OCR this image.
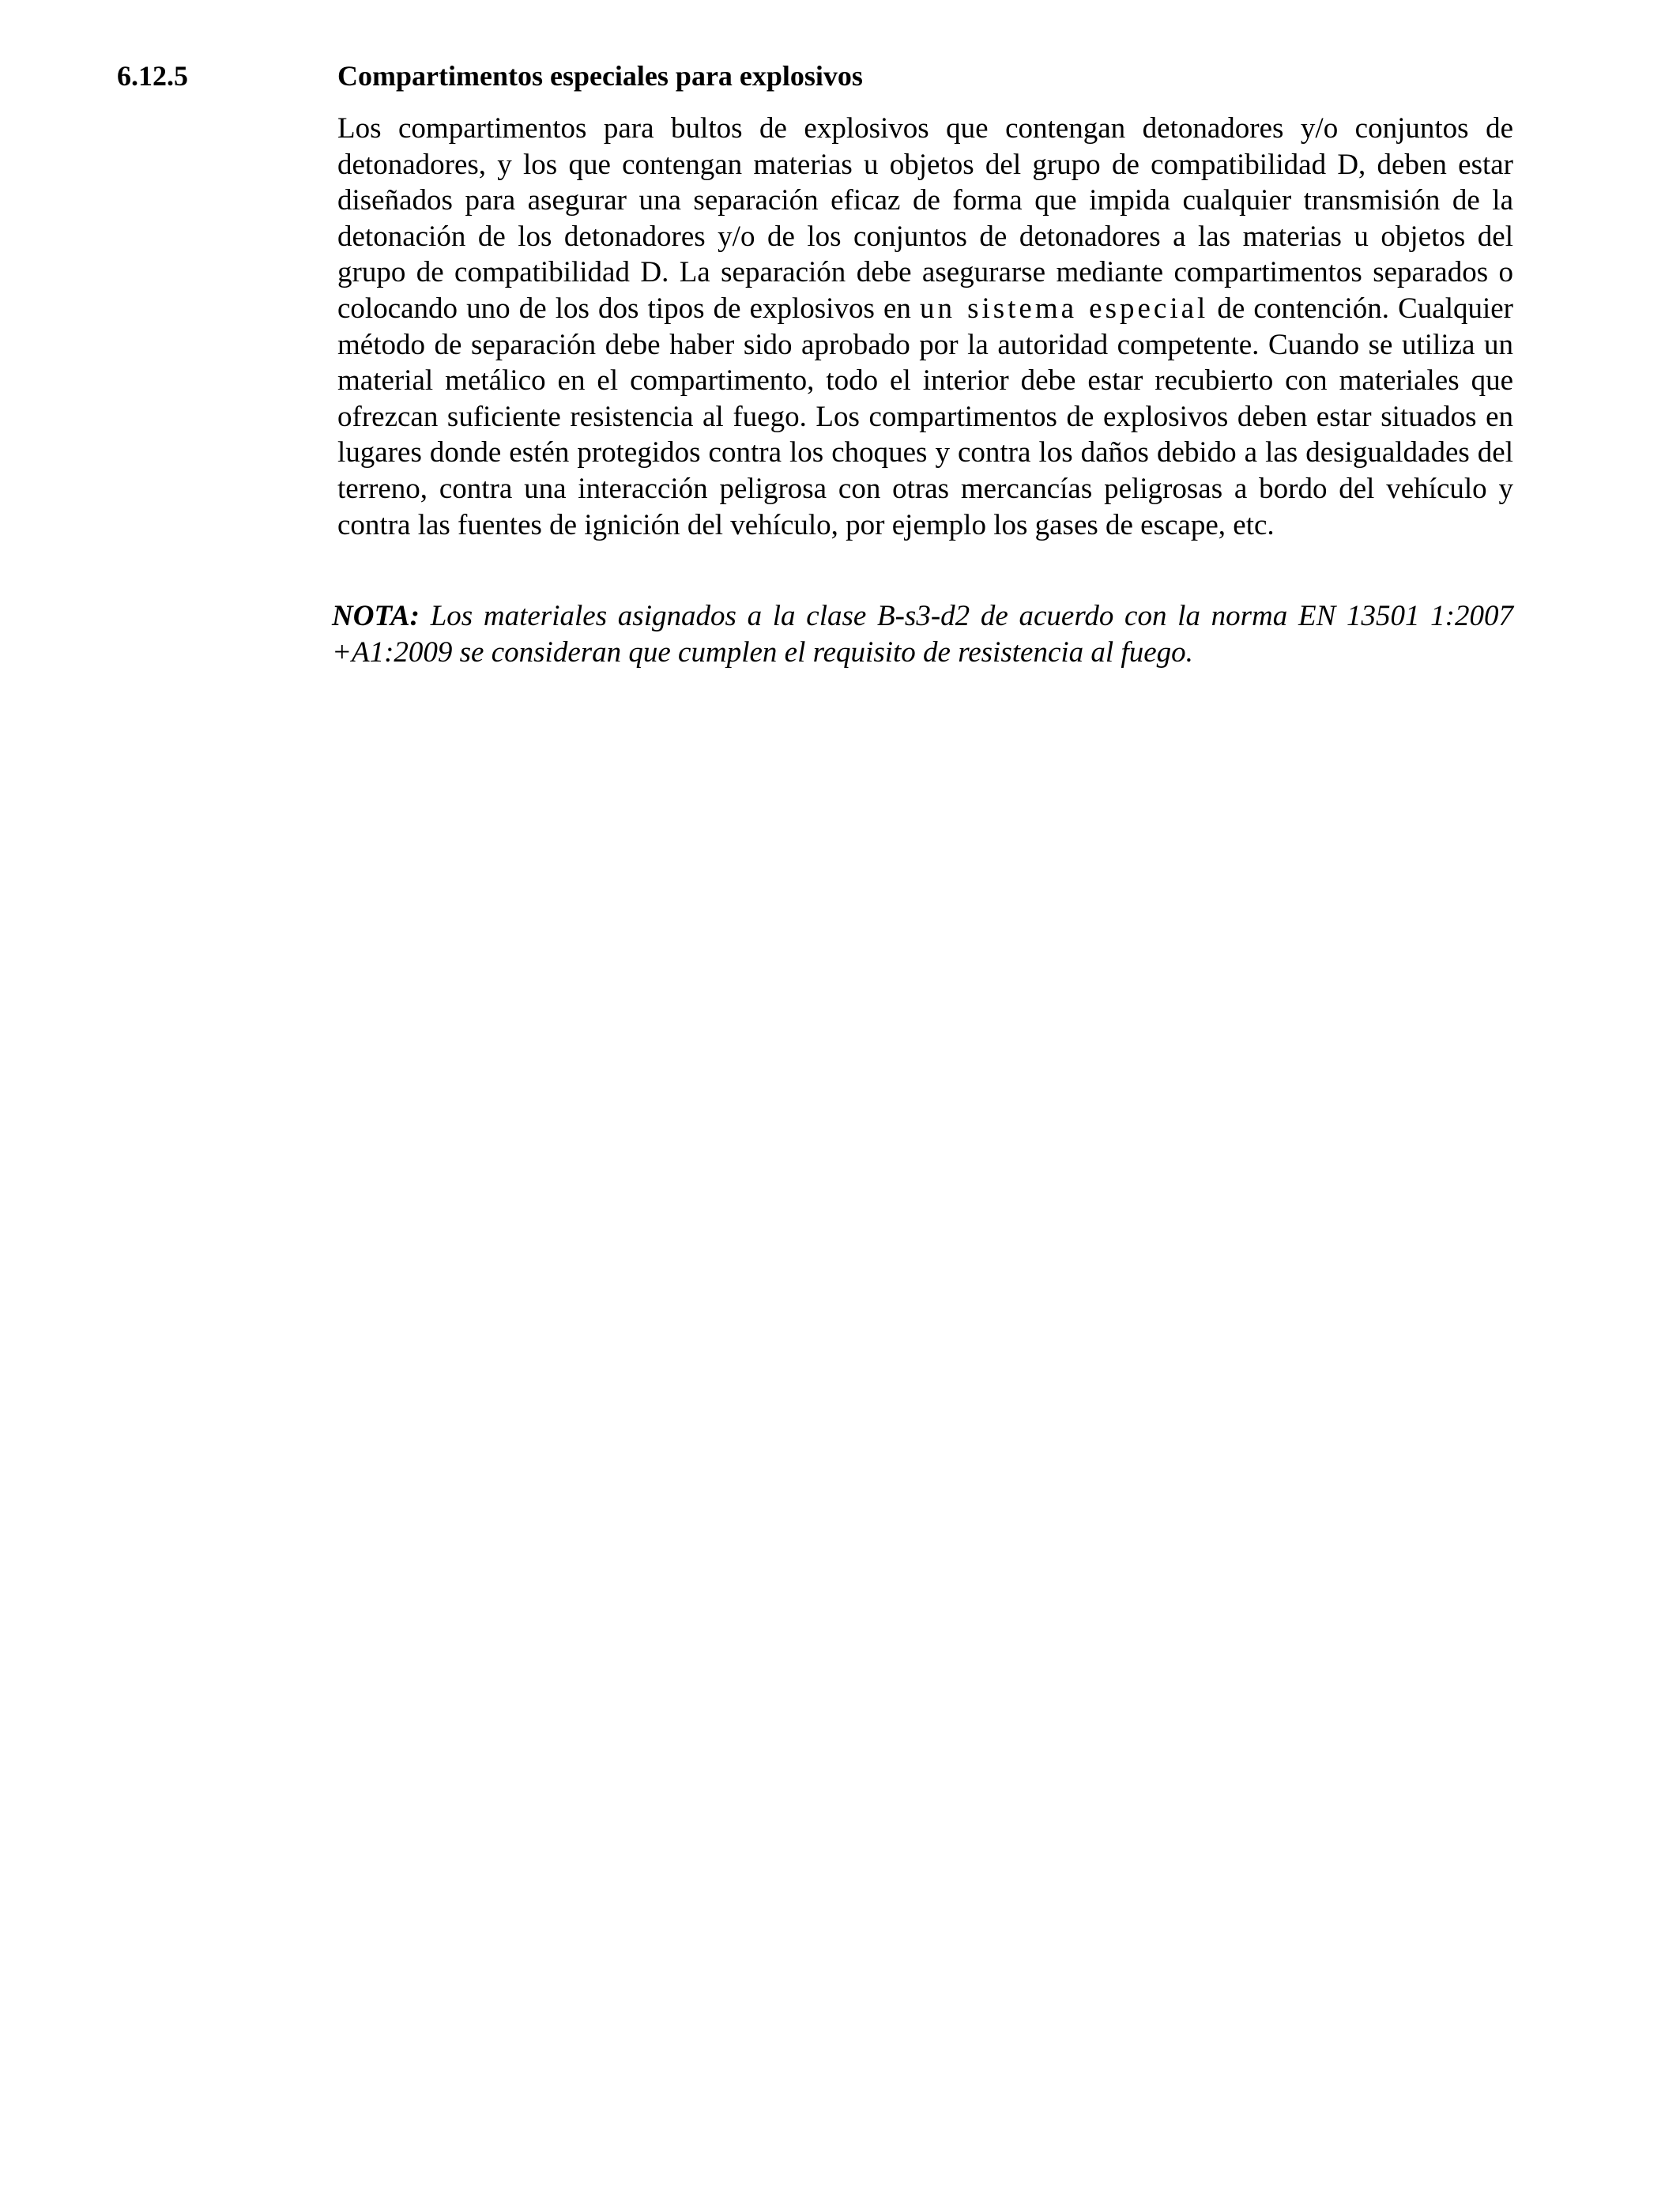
6.12.5	Compartimentos especiales para explosivos

Los compartimentos para bultos de explosivos que contengan detonadores y/o conjuntos de detonadores, y los que contengan materias u objetos del grupo de compatibilidad D, deben estar diseñados para asegurar una separación eficaz de forma que impida cualquier transmisión de la detonación de los detonadores y/o de los conjuntos de detonadores a las materias u objetos del grupo de compatibilidad D. La separación debe asegurarse mediante compartimentos separados o colocando uno de los dos tipos de explosivos en un sistema especial de contención. Cualquier método de separación debe haber sido aprobado por la autoridad competente. Cuando se utiliza un material metálico en el compartimento, todo el interior debe estar recubierto con materiales que ofrezcan suficiente resistencia al fuego. Los compartimentos de explosivos deben estar situados en lugares donde estén protegidos contra los choques y contra los daños debido a las desigualdades del terreno, contra una interacción peligrosa con otras mercancías peligrosas a bordo del vehículo y contra las fuentes de ignición del vehículo, por ejemplo los gases de escape, etc.

NOTA: Los materiales asignados a la clase B-s3-d2 de acuerdo con la norma EN 13501 1:2007 +A1:2009 se consideran que cumplen el requisito de resistencia al fuego.
